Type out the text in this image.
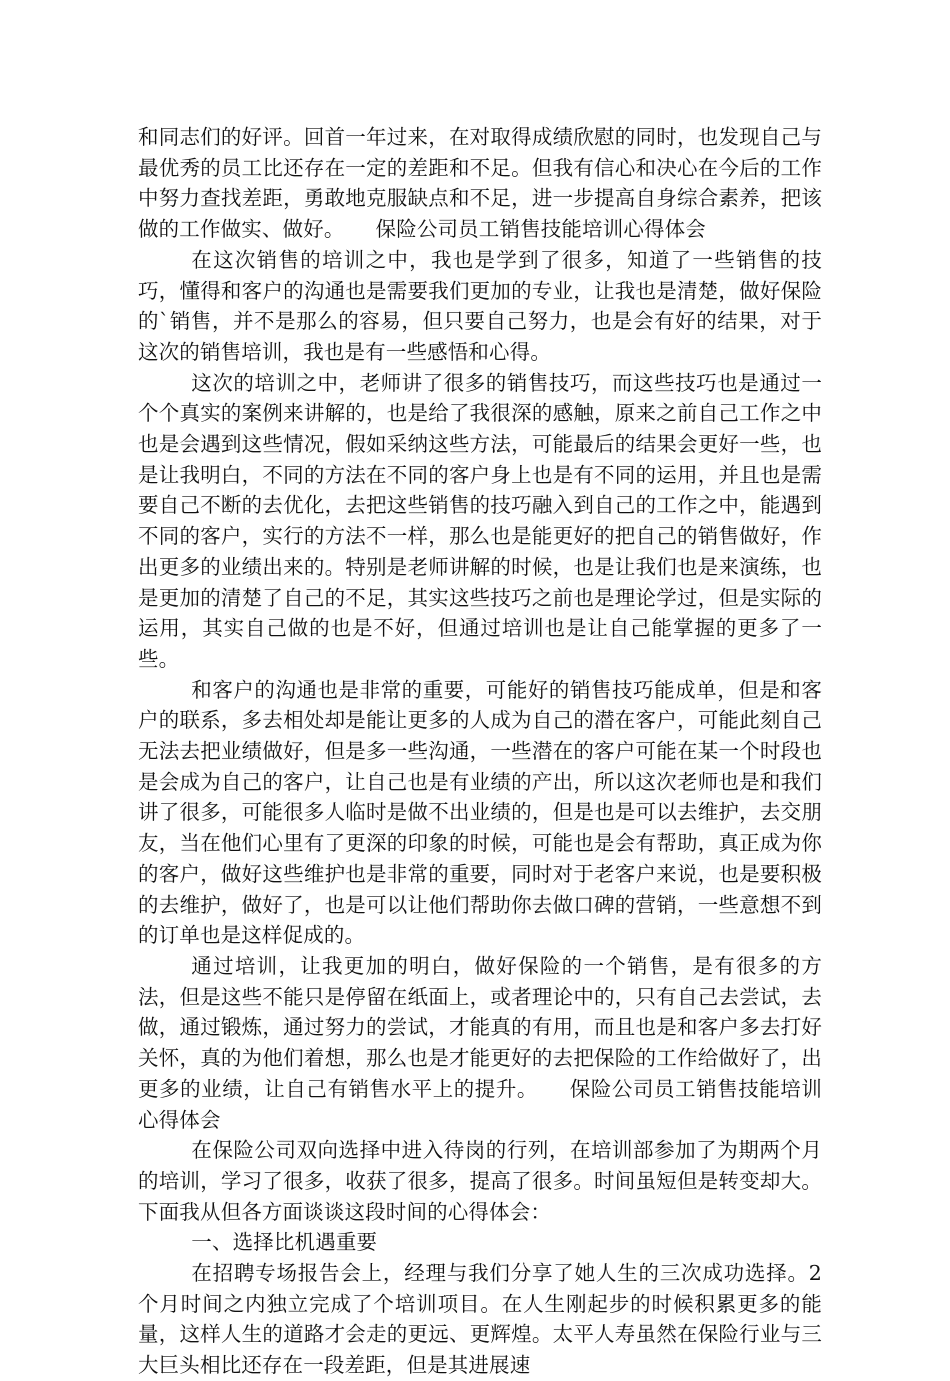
和同志们的好评。回首一年过来，在对取得成绩欣慰的同时，也发现自己与最优秀的员工比还存在一定的差距和不足。但我有信心和决心在今后的工作中努力查找差距，勇敢地克服缺点和不足，进一步提高自身综合素养，把该做的工作做实、做好。　　保险公司员工销售技能培训心得体会

在这次销售的培训之中，我也是学到了很多，知道了一些销售的技巧，懂得和客户的沟通也是需要我们更加的专业，让我也是清楚，做好保险的`销售，并不是那么的容易，但只要自己努力，也是会有好的结果，对于这次的销售培训，我也是有一些感悟和心得。

这次的培训之中，老师讲了很多的销售技巧，而这些技巧也是通过一个个真实的案例来讲解的，也是给了我很深的感触，原来之前自己工作之中也是会遇到这些情况，假如采纳这些方法，可能最后的结果会更好一些，也是让我明白，不同的方法在不同的客户身上也是有不同的运用，并且也是需要自己不断的去优化，去把这些销售的技巧融入到自己的工作之中，能遇到不同的客户，实行的方法不一样，那么也是能更好的把自己的销售做好，作出更多的业绩出来的。特别是老师讲解的时候，也是让我们也是来演练，也是更加的清楚了自己的不足，其实这些技巧之前也是理论学过，但是实际的运用，其实自己做的也是不好，但通过培训也是让自己能掌握的更多了一些。

和客户的沟通也是非常的重要，可能好的销售技巧能成单，但是和客户的联系，多去相处却是能让更多的人成为自己的潜在客户，可能此刻自己无法去把业绩做好，但是多一些沟通，一些潜在的客户可能在某一个时段也是会成为自己的客户，让自己也是有业绩的产出，所以这次老师也是和我们讲了很多，可能很多人临时是做不出业绩的，但是也是可以去维护，去交朋友，当在他们心里有了更深的印象的时候，可能也是会有帮助，真正成为你的客户，做好这些维护也是非常的重要，同时对于老客户来说，也是要积极的去维护，做好了，也是可以让他们帮助你去做口碑的营销，一些意想不到的订单也是这样促成的。

通过培训，让我更加的明白，做好保险的一个销售，是有很多的方法，但是这些不能只是停留在纸面上，或者理论中的，只有自己去尝试，去做，通过锻炼，通过努力的尝试，才能真的有用，而且也是和客户多去打好关怀，真的为他们着想，那么也是才能更好的去把保险的工作给做好了，出更多的业绩，让自己有销售水平上的提升。　　保险公司员工销售技能培训心得体会

在保险公司双向选择中进入待岗的行列，在培训部参加了为期两个月的培训，学习了很多，收获了很多，提高了很多。时间虽短但是转变却大。下面我从但各方面谈谈这段时间的心得体会：

一、选择比机遇重要

在招聘专场报告会上，经理与我们分享了她人生的三次成功选择。2个月时间之内独立完成了个培训项目。在人生刚起步的时候积累更多的能量，这样人生的道路才会走的更远、更辉煌。太平人寿虽然在保险行业与三大巨头相比还存在一段差距，但是其进展速
